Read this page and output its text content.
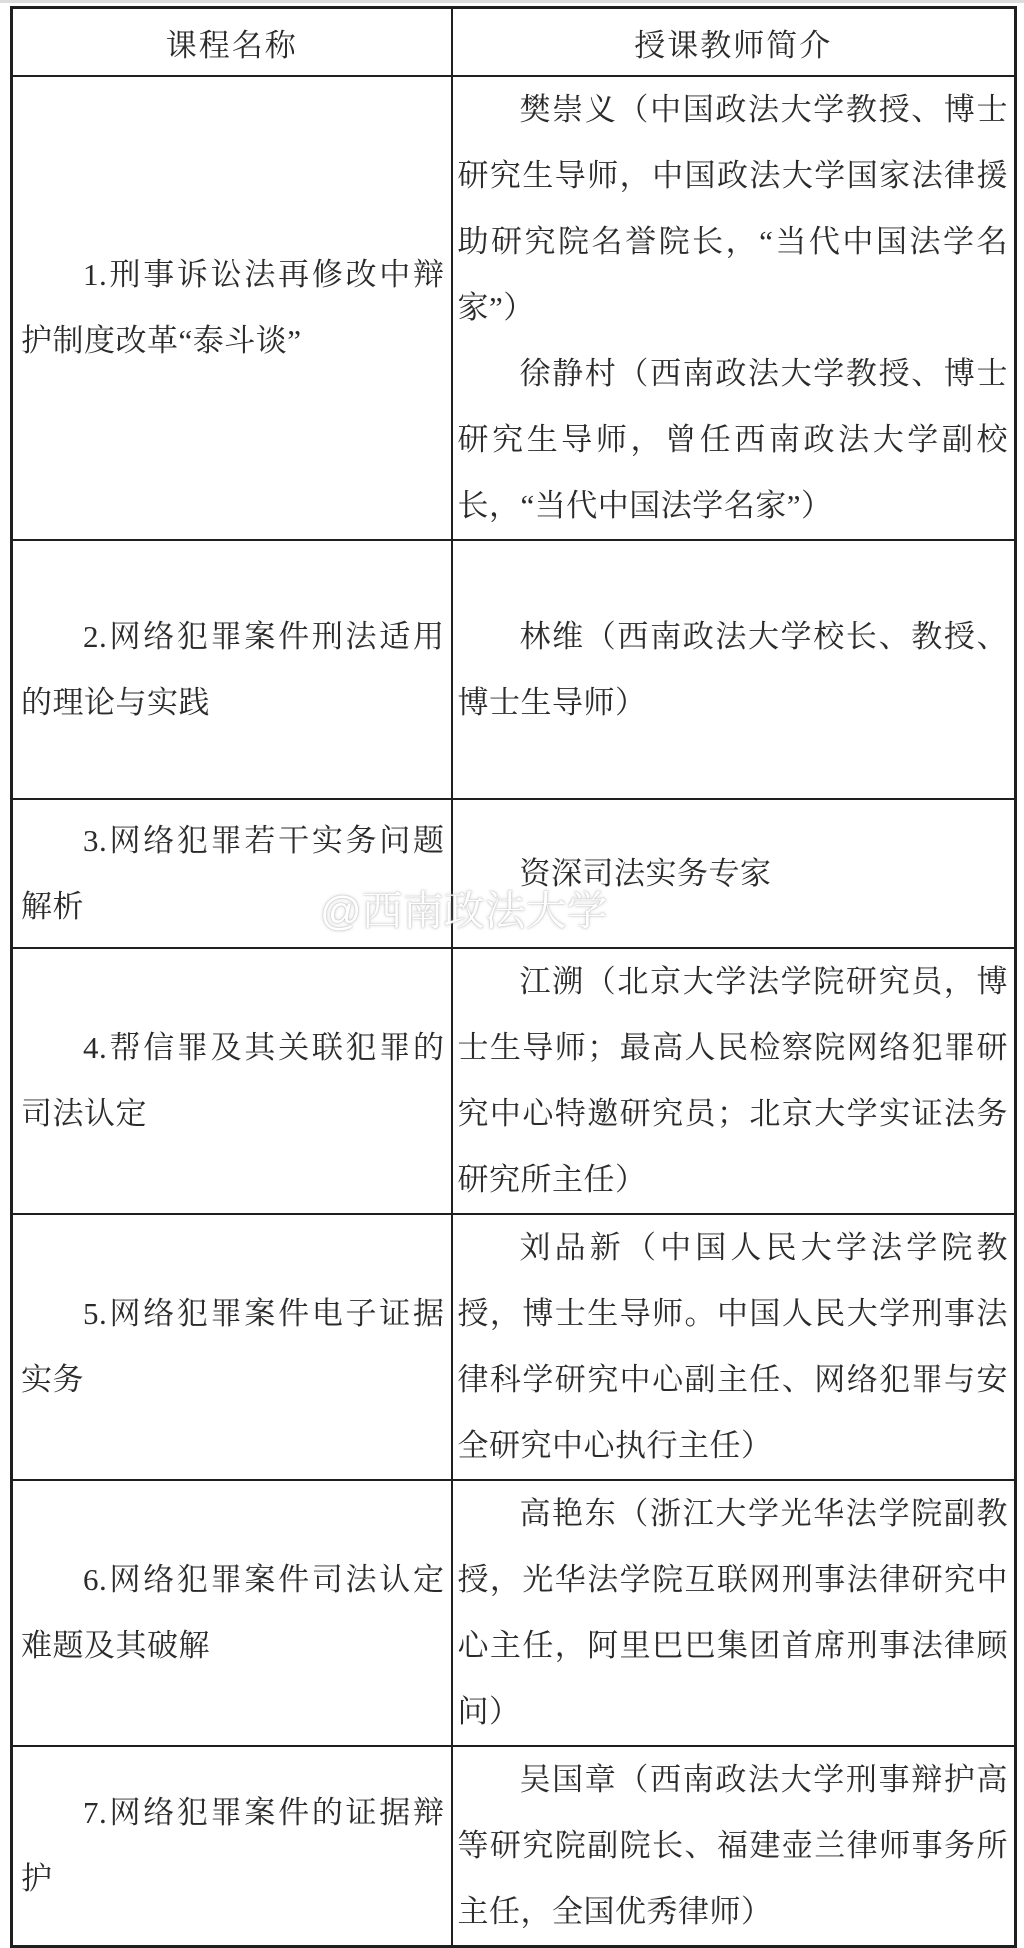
课程名称	授课教师简介

1.刑事诉讼法再修改中辩护制度改革“泰斗谈”	樊崇义（中国政法大学教授、博士研究生导师，中国政法大学国家法律援助研究院名誉院长，“当代中国法学名家”）

徐静村（西南政法大学教授、博士研究生导师，曾任西南政法大学副校长，“当代中国法学名家”）

2.网络犯罪案件刑法适用的理论与实践	林维（西南政法大学校长、教授、博士生导师）

3.网络犯罪若干实务问题解析	资深司法实务专家

4.帮信罪及其关联犯罪的司法认定	江溯（北京大学法学院研究员，博士生导师；最高人民检察院网络犯罪研究中心特邀研究员；北京大学实证法务研究所主任）

5.网络犯罪案件电子证据实务	刘品新（中国人民大学法学院教授，博士生导师。中国人民大学刑事法律科学研究中心副主任、网络犯罪与安全研究中心执行主任）

6.网络犯罪案件司法认定难题及其破解	高艳东（浙江大学光华法学院副教授，光华法学院互联网刑事法律研究中心主任，阿里巴巴集团首席刑事法律顾问）

7.网络犯罪案件的证据辩护	吴国章（西南政法大学刑事辩护高等研究院副院长、福建壶兰律师事务所主任，全国优秀律师）

@西南政法大学
